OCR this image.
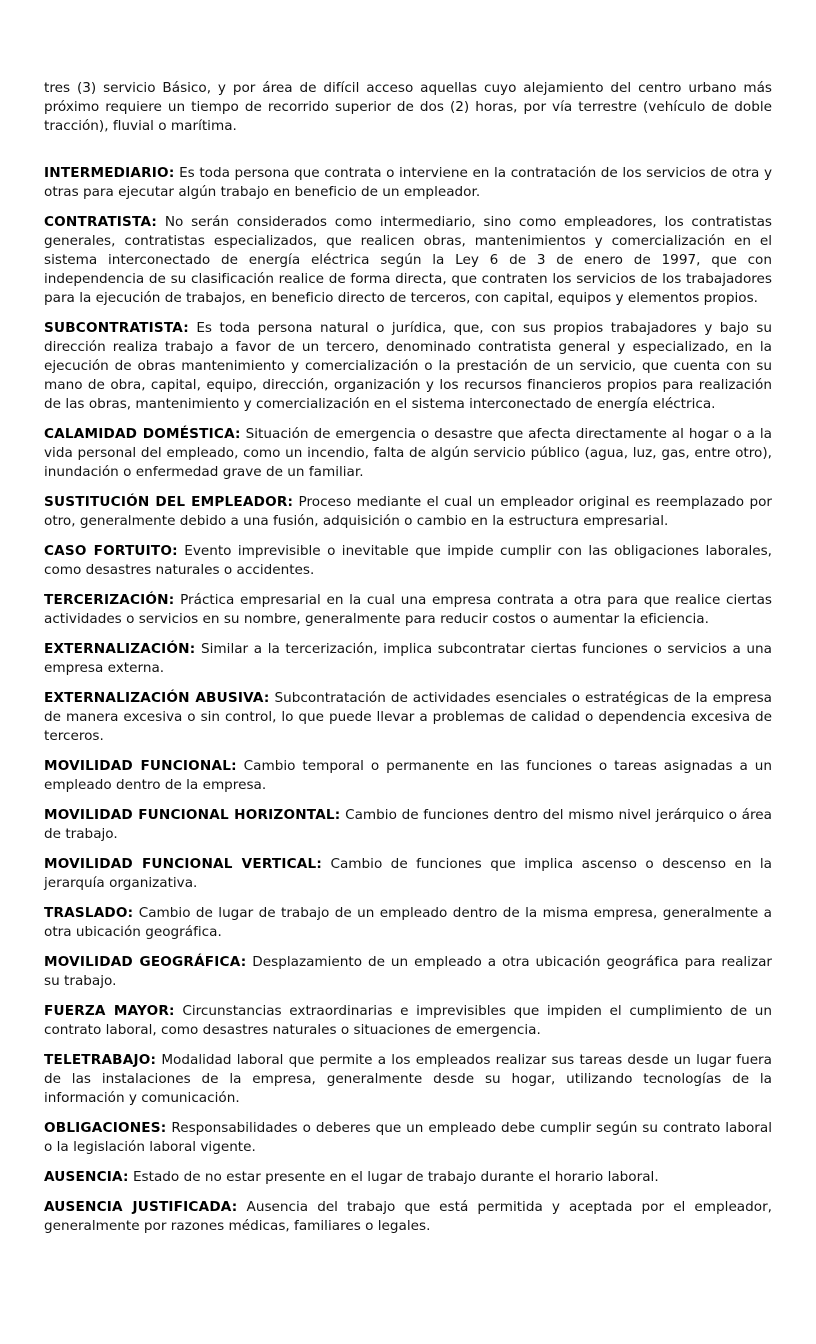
tres (3) servicio Básico, y por área de difícil acceso aquellas cuyo alejamiento del centro urbano más próximo requiere un tiempo de recorrido superior de dos (2) horas, por vía terrestre (vehículo de doble tracción), fluvial o marítima.

INTERMEDIARIO: Es toda persona que contrata o interviene en la contratación de los servicios de otra y otras para ejecutar algún trabajo en beneficio de un empleador.

CONTRATISTA: No serán considerados como intermediario, sino como empleadores, los contratistas generales, contratistas especializados, que realicen obras, mantenimientos y comercialización en el sistema interconectado de energía eléctrica según la Ley 6 de 3 de enero de 1997, que con independencia de su clasificación realice de forma directa, que contraten los servicios de los trabajadores para la ejecución de trabajos, en beneficio directo de terceros, con capital, equipos y elementos propios.

SUBCONTRATISTA: Es toda persona natural o jurídica, que, con sus propios trabajadores y bajo su dirección realiza trabajo a favor de un tercero, denominado contratista general y especializado, en la ejecución de obras mantenimiento y comercialización o la prestación de un servicio, que cuenta con su mano de obra, capital, equipo, dirección, organización y los recursos financieros propios para realización de las obras, mantenimiento y comercialización en el sistema interconectado de energía eléctrica.

CALAMIDAD DOMÉSTICA: Situación de emergencia o desastre que afecta directamente al hogar o a la vida personal del empleado, como un incendio, falta de algún servicio público (agua, luz, gas, entre otro), inundación o enfermedad grave de un familiar.

SUSTITUCIÓN DEL EMPLEADOR: Proceso mediante el cual un empleador original es reemplazado por otro, generalmente debido a una fusión, adquisición o cambio en la estructura empresarial.

CASO FORTUITO: Evento imprevisible o inevitable que impide cumplir con las obligaciones laborales, como desastres naturales o accidentes.

TERCERIZACIÓN: Práctica empresarial en la cual una empresa contrata a otra para que realice ciertas actividades o servicios en su nombre, generalmente para reducir costos o aumentar la eficiencia.

EXTERNALIZACIÓN: Similar a la tercerización, implica subcontratar ciertas funciones o servicios a una empresa externa.

EXTERNALIZACIÓN ABUSIVA: Subcontratación de actividades esenciales o estratégicas de la empresa de manera excesiva o sin control, lo que puede llevar a problemas de calidad o dependencia excesiva de terceros.

MOVILIDAD FUNCIONAL: Cambio temporal o permanente en las funciones o tareas asignadas a un empleado dentro de la empresa.

MOVILIDAD FUNCIONAL HORIZONTAL: Cambio de funciones dentro del mismo nivel jerárquico o área de trabajo.

MOVILIDAD FUNCIONAL VERTICAL: Cambio de funciones que implica ascenso o descenso en la jerarquía organizativa.

TRASLADO: Cambio de lugar de trabajo de un empleado dentro de la misma empresa, generalmente a otra ubicación geográfica.

MOVILIDAD GEOGRÁFICA: Desplazamiento de un empleado a otra ubicación geográfica para realizar su trabajo.

FUERZA MAYOR: Circunstancias extraordinarias e imprevisibles que impiden el cumplimiento de un contrato laboral, como desastres naturales o situaciones de emergencia.

TELETRABAJO: Modalidad laboral que permite a los empleados realizar sus tareas desde un lugar fuera de las instalaciones de la empresa, generalmente desde su hogar, utilizando tecnologías de la información y comunicación.

OBLIGACIONES: Responsabilidades o deberes que un empleado debe cumplir según su contrato laboral o la legislación laboral vigente.

AUSENCIA: Estado de no estar presente en el lugar de trabajo durante el horario laboral.

AUSENCIA JUSTIFICADA: Ausencia del trabajo que está permitida y aceptada por el empleador, generalmente por razones médicas, familiares o legales.
